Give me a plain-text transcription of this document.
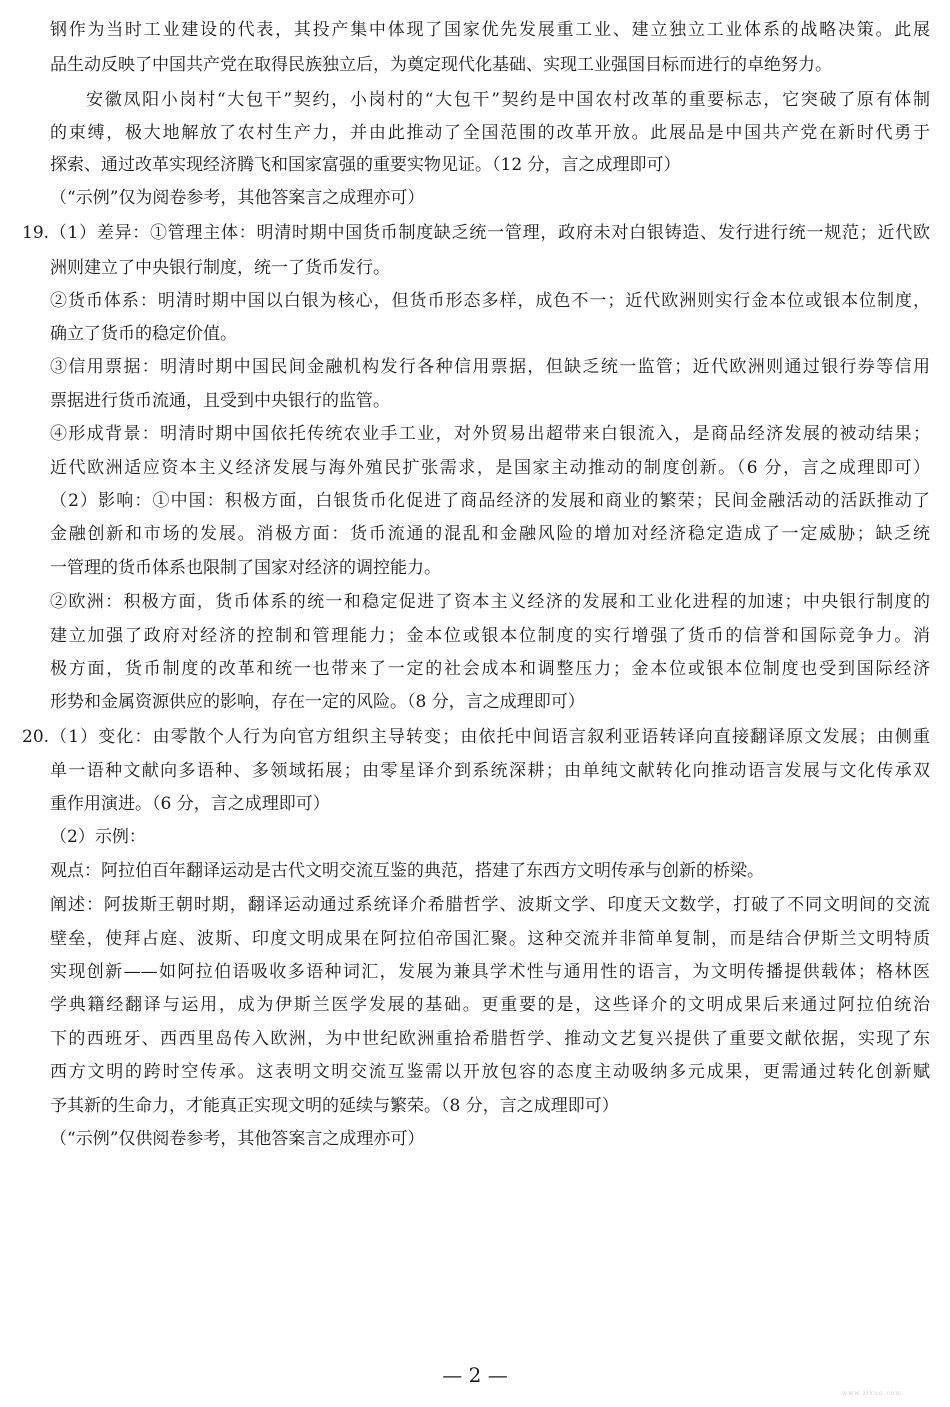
钢作为当时工业建设的代表，其投产集中体现了国家优先发展重工业、建立独立工业体系的战略决策。此展
品生动反映了中国共产党在取得民族独立后，为奠定现代化基础、实现工业强国目标而进行的卓绝努力。
安徽凤阳小岗村“大包干”契约，小岗村的“大包干”契约是中国农村改革的重要标志，它突破了原有体制
的束缚，极大地解放了农村生产力，并由此推动了全国范围的改革开放。此展品是中国共产党在新时代勇于
探索、通过改革实现经济腾飞和国家富强的重要实物见证。（12 分，言之成理即可）
（“示例”仅为阅卷参考，其他答案言之成理亦可）
19.（1）差异：①管理主体：明清时期中国货币制度缺乏统一管理，政府未对白银铸造、发行进行统一规范；近代欧
洲则建立了中央银行制度，统一了货币发行。
②货币体系：明清时期中国以白银为核心，但货币形态多样，成色不一；近代欧洲则实行金本位或银本位制度，
确立了货币的稳定价值。
③信用票据：明清时期中国民间金融机构发行各种信用票据，但缺乏统一监管；近代欧洲则通过银行券等信用
票据进行货币流通，且受到中央银行的监管。
④形成背景：明清时期中国依托传统农业手工业，对外贸易出超带来白银流入，是商品经济发展的被动结果；
近代欧洲适应资本主义经济发展与海外殖民扩张需求，是国家主动推动的制度创新。（6 分，言之成理即可）
（2）影响：①中国：积极方面，白银货币化促进了商品经济的发展和商业的繁荣；民间金融活动的活跃推动了
金融创新和市场的发展。消极方面：货币流通的混乱和金融风险的增加对经济稳定造成了一定威胁；缺乏统
一管理的货币体系也限制了国家对经济的调控能力。
②欧洲：积极方面，货币体系的统一和稳定促进了资本主义经济的发展和工业化进程的加速；中央银行制度的
建立加强了政府对经济的控制和管理能力；金本位或银本位制度的实行增强了货币的信誉和国际竞争力。消
极方面，货币制度的改革和统一也带来了一定的社会成本和调整压力；金本位或银本位制度也受到国际经济
形势和金属资源供应的影响，存在一定的风险。（8 分，言之成理即可）
20.（1）变化：由零散个人行为向官方组织主导转变；由依托中间语言叙利亚语转译向直接翻译原文发展；由侧重
单一语种文献向多语种、多领域拓展；由零星译介到系统深耕；由单纯文献转化向推动语言发展与文化传承双
重作用演进。（6 分，言之成理即可）
（2）示例：
观点：阿拉伯百年翻译运动是古代文明交流互鉴的典范，搭建了东西方文明传承与创新的桥梁。
阐述：阿拔斯王朝时期，翻译运动通过系统译介希腊哲学、波斯文学、印度天文数学，打破了不同文明间的交流
壁垒，使拜占庭、波斯、印度文明成果在阿拉伯帝国汇聚。这种交流并非简单复制，而是结合伊斯兰文明特质
实现创新——如阿拉伯语吸收多语种词汇，发展为兼具学术性与通用性的语言，为文明传播提供载体；格林医
学典籍经翻译与运用，成为伊斯兰医学发展的基础。更重要的是，这些译介的文明成果后来通过阿拉伯统治
下的西班牙、西西里岛传入欧洲，为中世纪欧洲重拾希腊哲学、推动文艺复兴提供了重要文献依据，实现了东
西方文明的跨时空传承。这表明文明交流互鉴需以开放包容的态度主动吸纳多元成果，更需通过转化创新赋
予其新的生命力，才能真正实现文明的延续与繁荣。（8 分，言之成理即可）
（“示例”仅供阅卷参考，其他答案言之成理亦可）
— 2 —
www.zixue.com
